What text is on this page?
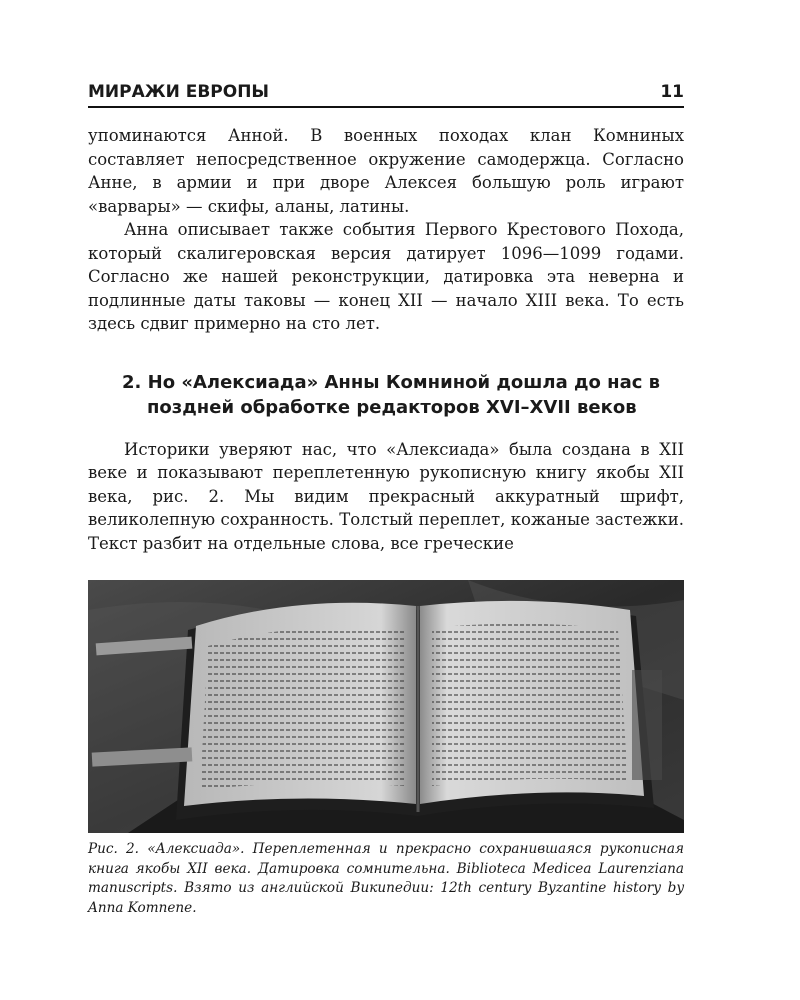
МИРАЖИ ЕВРОПЫ	11

упоминаются Анной. В военных походах клан Комниных составляет непосредственное окружение самодержца. Согласно Анне, в армии и при дворе Алексея большую роль играют «варвары» — скифы, аланы, латины.

Анна описывает также события Первого Крестового Похода, который скалигеровская версия датирует 1096—1099 годами. Согласно же нашей реконструкции, датировка эта неверна и подлинные даты таковы — конец XII — начало XIII века. То есть здесь сдвиг примерно на сто лет.

2. Но «Алексиада» Анны Комниной дошла до нас в поздней обработке редакторов XVI–XVII веков

Историки уверяют нас, что «Алексиада» была создана в XII веке и показывают переплетенную рукописную книгу якобы XII века, рис. 2. Мы видим прекрасный аккуратный шрифт, великолепную сохранность. Толстый переплет, кожаные застежки. Текст разбит на отдельные слова, все греческие

Рис. 2. «Алексиада». Переплетенная и прекрасно сохранившаяся рукописная книга якобы XII века. Датировка сомнительна. Biblioteca Medicea Laurenziana manuscripts. Взято из английской Википедии: 12th century Byzantine history by Anna Komnene.
